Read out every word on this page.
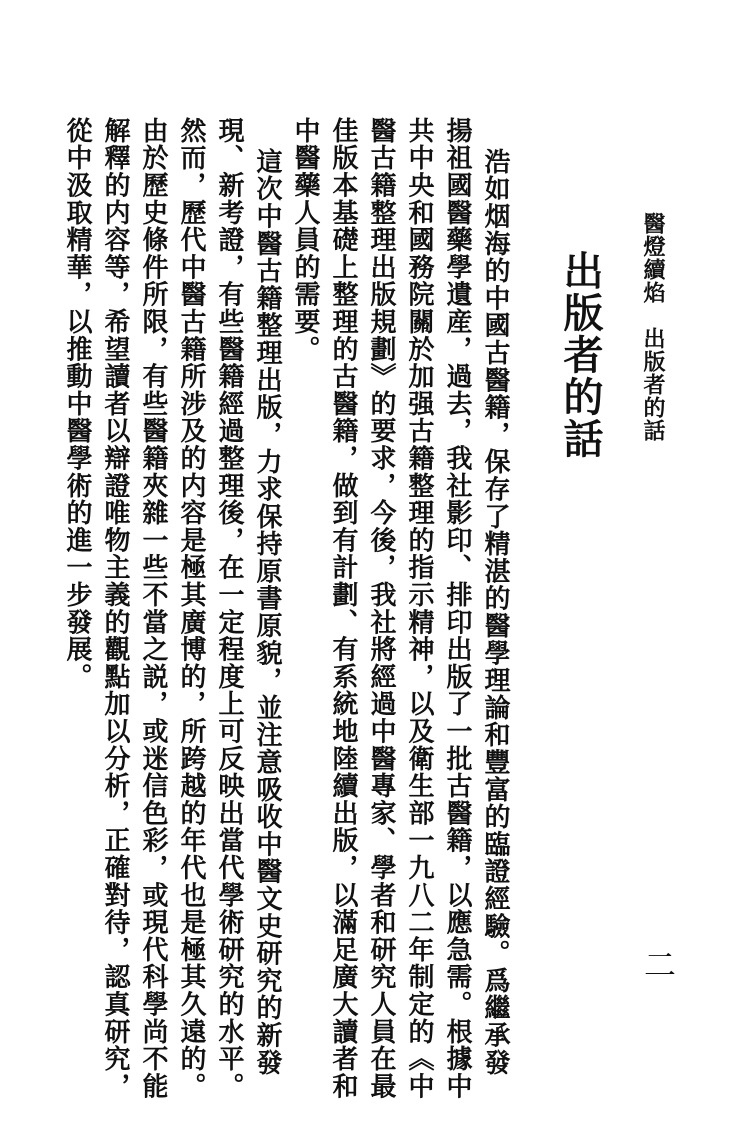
醫燈續焰　出版者的話
出版者的話
二
浩如烟海的中國古醫籍，保存了精湛的醫學理論和豐富的臨證經驗。爲繼承發
揚祖國醫藥學遺産，過去，我社影印、排印出版了一批古醫籍，以應急需。根據中
共中央和國務院關於加强古籍整理的指示精神，以及衛生部一九八二年制定的《中
醫古籍整理出版規劃》的要求，今後，我社將經過中醫專家、學者和研究人員在最
佳版本基礎上整理的古醫籍，做到有計劃、有系統地陸續出版，以滿足廣大讀者和
中醫藥人員的需要。
這次中醫古籍整理出版，力求保持原書原貌，並注意吸收中醫文史研究的新發
現、新考證，有些醫籍經過整理後，在一定程度上可反映出當代學術研究的水平。
然而，歷代中醫古籍所涉及的内容是極其廣博的，所跨越的年代也是極其久遠的。
由於歷史條件所限，有些醫籍夾雜一些不當之説，或迷信色彩，或現代科學尚不能
解釋的内容等，希望讀者以辯證唯物主義的觀點加以分析，正確對待，認真研究，
從中汲取精華，以推動中醫學術的進一步發展。
